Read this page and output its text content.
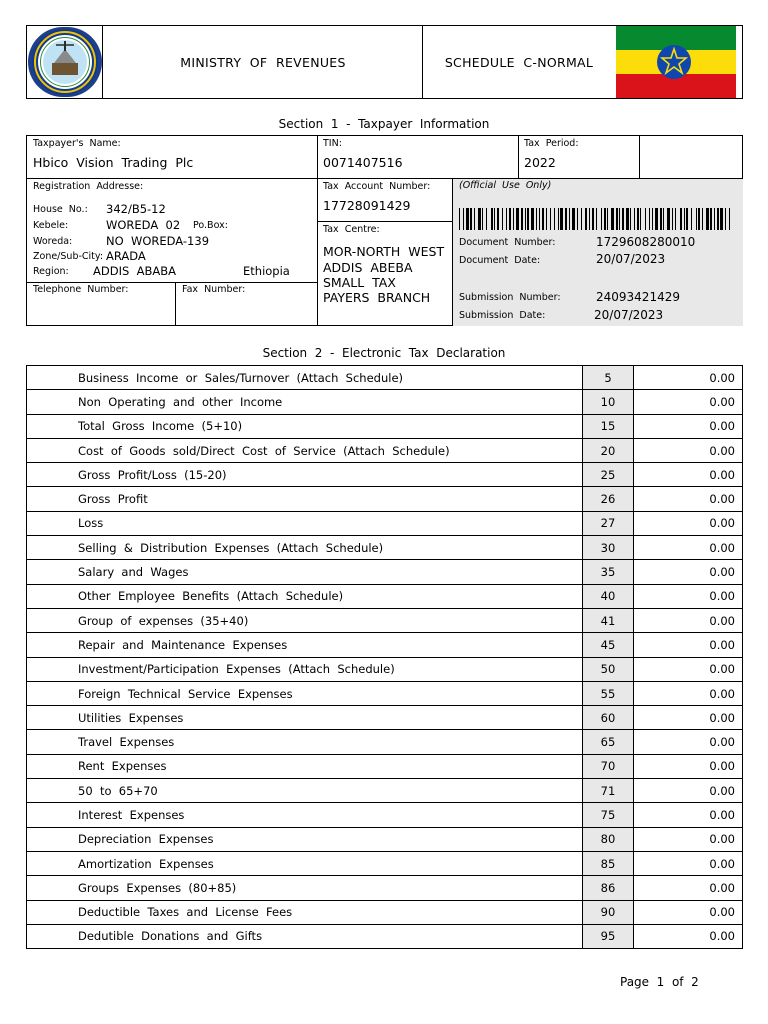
MINISTRY  OF  REVENUES	SCHEDULE  C-NORMAL
Section  1  -  Taxpayer  Information
Taxpayer's  Name:
Hbico  Vision  Trading  Plc
TIN:
0071407516
Tax  Period:
2022
Registration  Addresse:
House  No.: 342/B5-12
Kebele:	WOREDA  02 Po.Box:
Woreda:	NO  WOREDA-139
Zone/Sub-City: ARADA
Region: ADDIS  ABABA	Ethiopia
Telephone  Number:	Fax  Number:
Tax  Account  Number:
17728091429
Tax  Centre:
MOR-NORTH  WEST
ADDIS  ABEBA
SMALL  TAX
PAYERS  BRANCH
(Official  Use  Only)
Document  Number:	1729608280010
Document  Date:	20/07/2023
Submission  Number:	24093421429
Submission  Date:	20/07/2023
Section  2  -  Electronic  Tax  Declaration
Business  Income  or  Sales/Turnover  (Attach  Schedule)	5	0.00
Non  Operating  and  other  Income	10	0.00
Total  Gross  Income  (5+10)	15	0.00
Cost  of  Goods  sold/Direct  Cost  of  Service  (Attach  Schedule)	20	0.00
Gross  Profit/Loss  (15-20)	25	0.00
Gross  Profit	26	0.00
Loss	27	0.00
Selling  &  Distribution  Expenses  (Attach  Schedule)	30	0.00
Salary  and  Wages	35	0.00
Other  Employee  Benefits  (Attach  Schedule)	40	0.00
Group  of  expenses  (35+40)	41	0.00
Repair  and  Maintenance  Expenses	45	0.00
Investment/Participation  Expenses  (Attach  Schedule)	50	0.00
Foreign  Technical  Service  Expenses	55	0.00
Utilities  Expenses	60	0.00
Travel  Expenses	65	0.00
Rent  Expenses	70	0.00
50  to  65+70	71	0.00
Interest  Expenses	75	0.00
Depreciation  Expenses	80	0.00
Amortization  Expenses	85	0.00
Groups  Expenses  (80+85)	86	0.00
Deductible  Taxes  and  License  Fees	90	0.00
Dedutible  Donations  and  Gifts	95	0.00
Page  1  of  2
